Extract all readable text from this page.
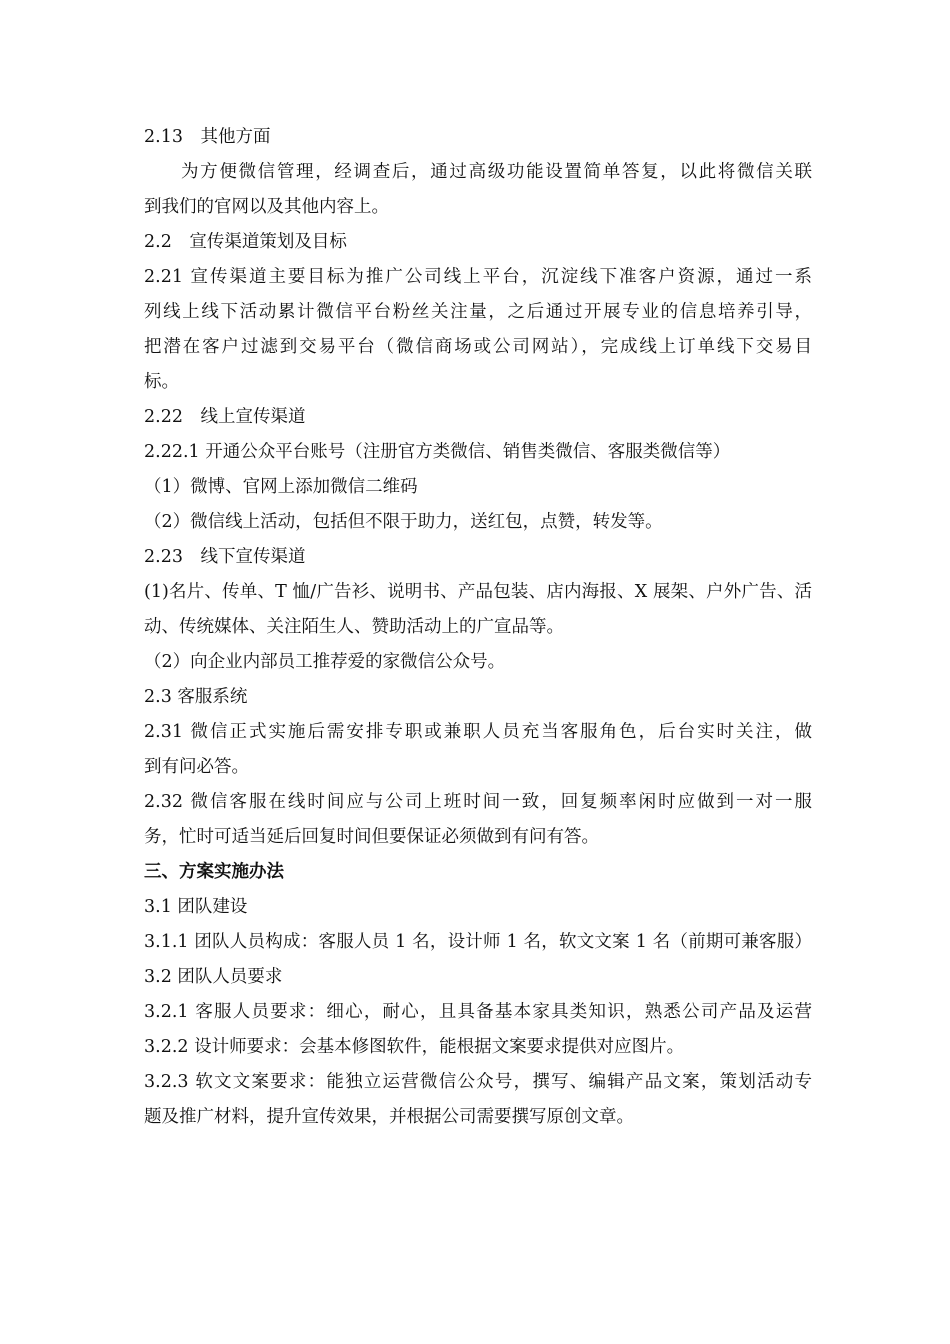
2.13　其他方面
为方便微信管理，经调查后，通过高级功能设置简单答复，以此将微信关联
到我们的官网以及其他内容上。
2.2　宣传渠道策划及目标
2.21 宣传渠道主要目标为推广公司线上平台，沉淀线下准客户资源，通过一系
列线上线下活动累计微信平台粉丝关注量，之后通过开展专业的信息培养引导，
把潜在客户过滤到交易平台（微信商场或公司网站），完成线上订单线下交易目
标。
2.22　线上宣传渠道
2.22.1 开通公众平台账号（注册官方类微信、销售类微信、客服类微信等）
（1）微博、官网上添加微信二维码
（2）微信线上活动，包括但不限于助力，送红包，点赞，转发等。
2.23　线下宣传渠道
(1)名片、传单、T 恤/广告衫、说明书、产品包装、店内海报、X 展架、户外广告、活
动、传统媒体、关注陌生人、赞助活动上的广宣品等。
（2）向企业内部员工推荐爱的家微信公众号。
2.3 客服系统
2.31 微信正式实施后需安排专职或兼职人员充当客服角色，后台实时关注，做
到有问必答。
2.32 微信客服在线时间应与公司上班时间一致，回复频率闲时应做到一对一服
务，忙时可适当延后回复时间但要保证必须做到有问有答。
三、方案实施办法
3.1 团队建设
3.1.1 团队人员构成：客服人员 1 名，设计师 1 名，软文文案 1 名（前期可兼客服）
3.2 团队人员要求
3.2.1 客服人员要求：细心，耐心，且具备基本家具类知识，熟悉公司产品及运营
3.2.2 设计师要求：会基本修图软件，能根据文案要求提供对应图片。
3.2.3 软文文案要求：能独立运营微信公众号，撰写、编辑产品文案，策划活动专
题及推广材料，提升宣传效果，并根据公司需要撰写原创文章。
